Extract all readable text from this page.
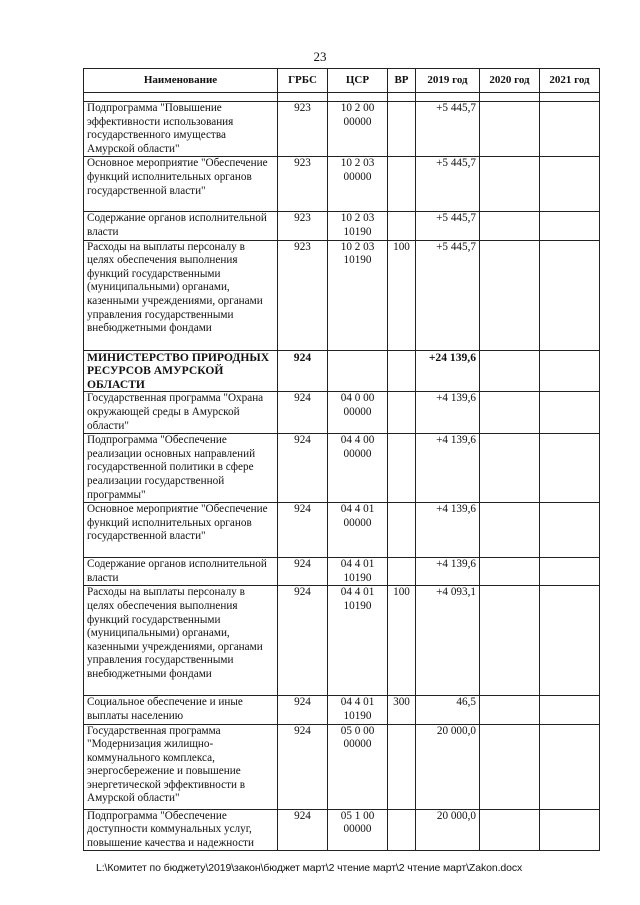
23
Наименование	ГРБС	ЦСР	ВР	2019 год	2020 год	2021 год

Подпрограмма "Повышение эффективности использования государственного имущества Амурской области"	923	10 2 00 00000		+5 445,7		
Основное мероприятие "Обеспечение функций исполнительных органов государственной власти"	923	10 2 03 00000		+5 445,7		
Содержание органов исполнительной власти	923	10 2 03 10190		+5 445,7		
Расходы на выплаты персоналу в целях обеспечения выполнения функций государственными (муниципальными) органами, казенными учреждениями, органами управления государственными внебюджетными фондами	923	10 2 03 10190	100	+5 445,7		
МИНИСТЕРСТВО ПРИРОДНЫХ РЕСУРСОВ АМУРСКОЙ ОБЛАСТИ	924			+24 139,6		
Государственная программа "Охрана окружающей среды в Амурской области"	924	04 0 00 00000		+4 139,6		
Подпрограмма "Обеспечение реализации основных направлений государственной политики в сфере реализации государственной программы"	924	04 4 00 00000		+4 139,6		
Основное мероприятие "Обеспечение функций исполнительных органов государственной власти"	924	04 4 01 00000		+4 139,6		
Содержание органов исполнительной власти	924	04 4 01 10190		+4 139,6		
Расходы на выплаты персоналу в целях обеспечения выполнения функций государственными (муниципальными) органами, казенными учреждениями, органами управления государственными внебюджетными фондами	924	04 4 01 10190	100	+4 093,1		
Социальное обеспечение и иные выплаты населению	924	04 4 01 10190	300	46,5		
Государственная программа "Модернизация жилищно-коммунального комплекса, энергосбережение и повышение энергетической эффективности в Амурской области"	924	05 0 00 00000		20 000,0		
Подпрограмма "Обеспечение доступности коммунальных услуг, повышение качества и надежности	924	05 1 00 00000		20 000,0		
L:\Комитет по бюджету\2019\закон\бюджет март\2 чтение март\2 чтение март\Zakon.docx
